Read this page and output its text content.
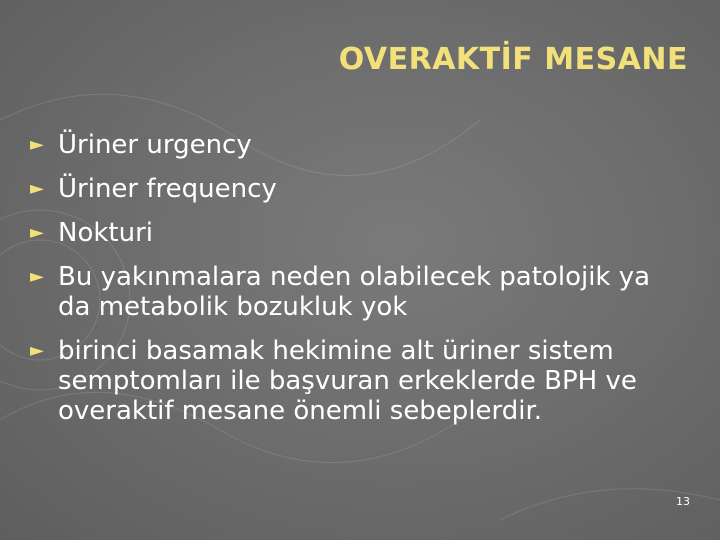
OVERAKTİF MESANE
► Üriner urgency
► Üriner frequency
► Nokturi
► Bu yakınmalara neden olabilecek patolojik ya da metabolik bozukluk yok
► birinci basamak hekimine alt üriner sistem semptomları ile başvuran erkeklerde BPH ve overaktif mesane önemli sebeplerdir.
13
